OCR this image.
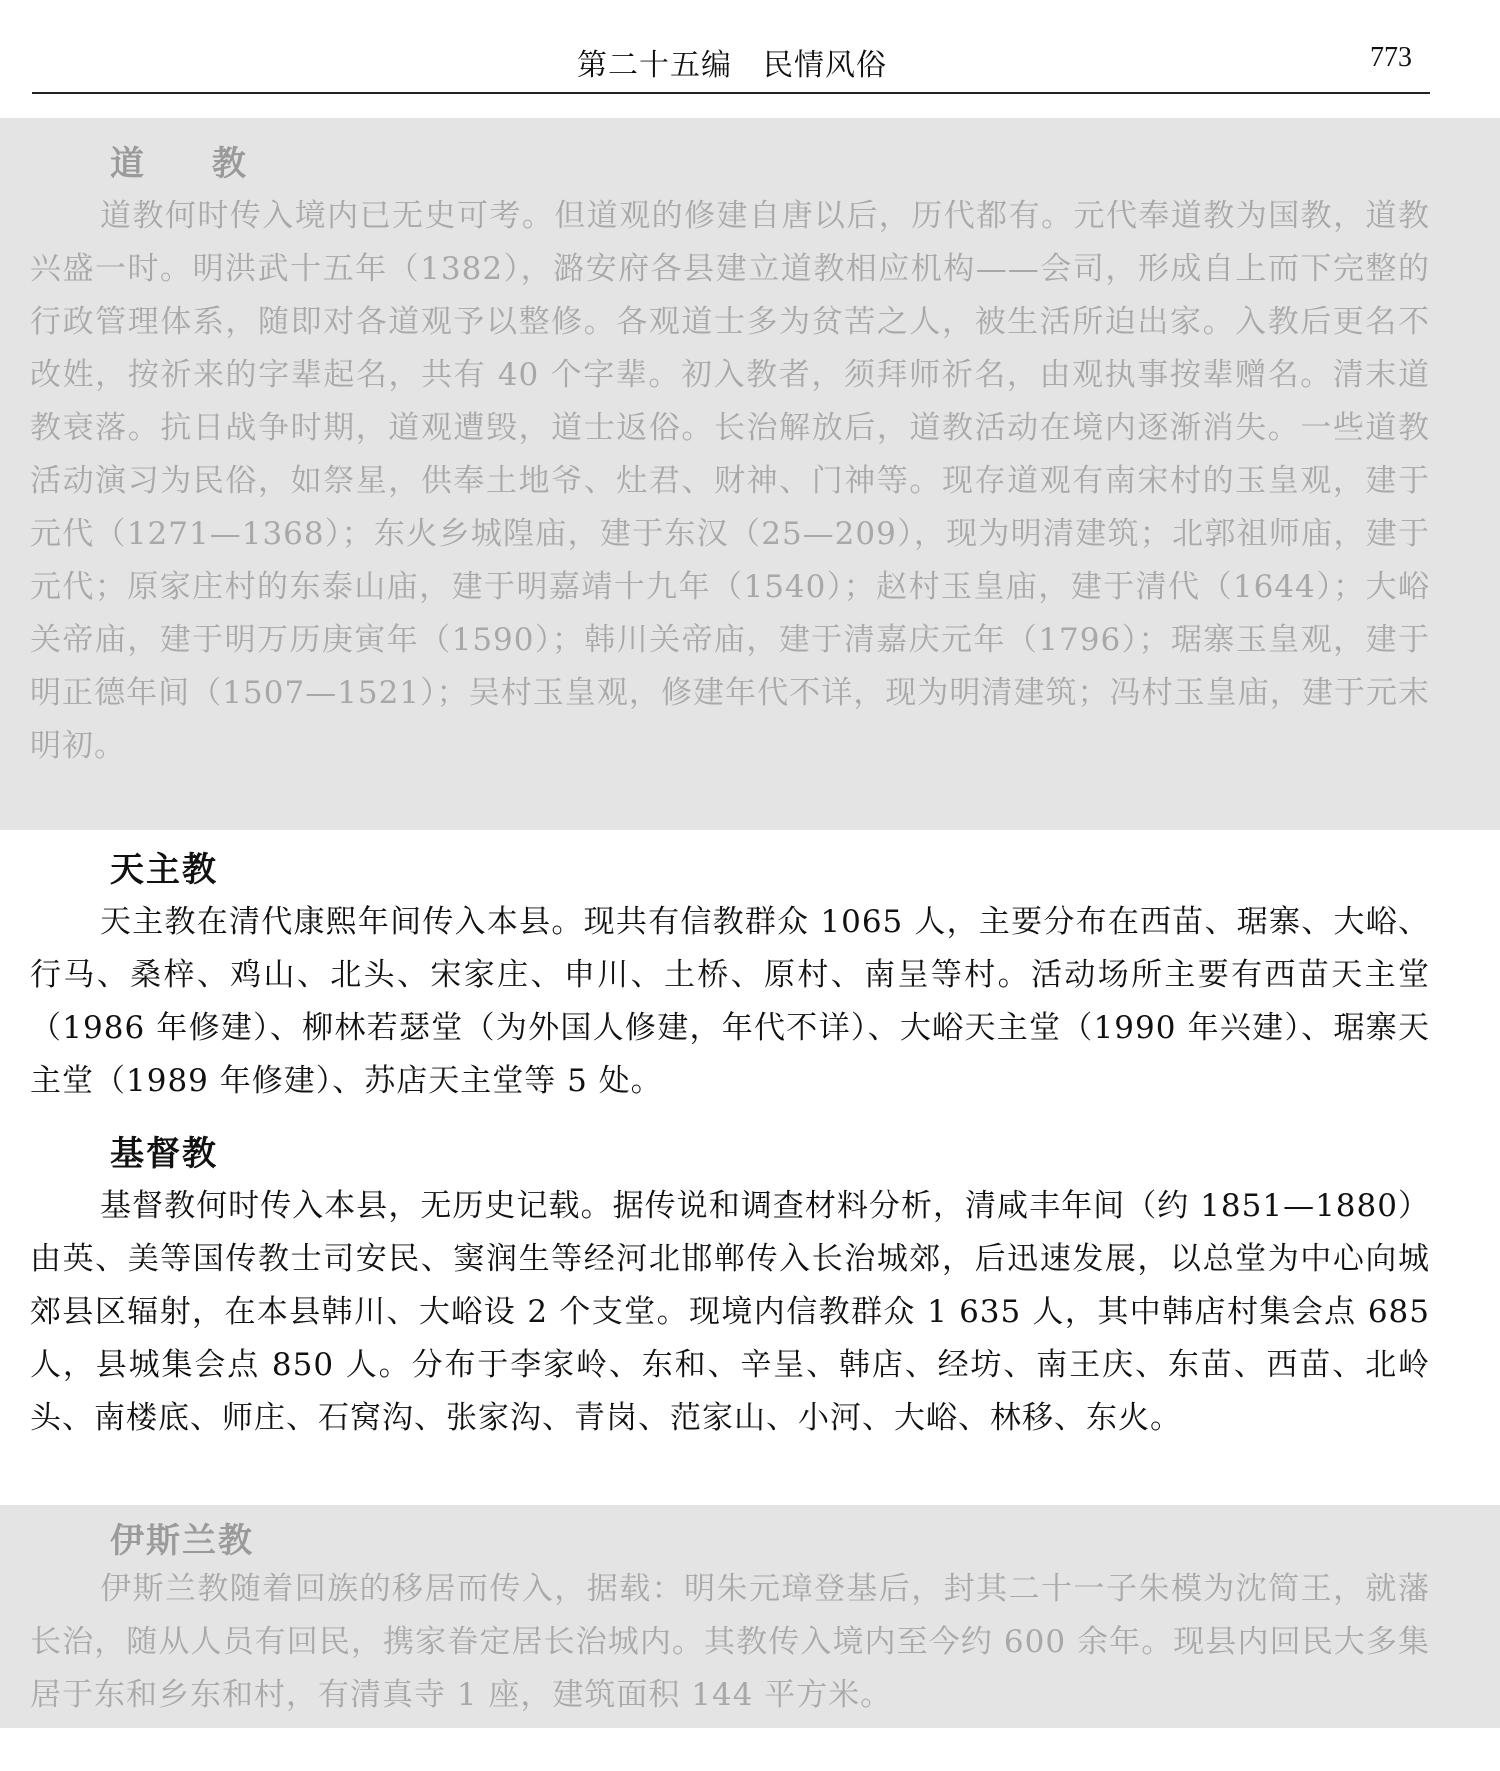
第二十五编　民情风俗	773
道 教

道教何时传入境内已无史可考。但道观的修建自唐以后，历代都有。元代奉道教为国教，道教兴盛一时。明洪武十五年（1382），潞安府各县建立道教相应机构——会司，形成自上而下完整的行政管理体系，随即对各道观予以整修。各观道士多为贫苦之人，被生活所迫出家。入教后更名不改姓，按祈来的字辈起名，共有 40 个字辈。初入教者，须拜师祈名，由观执事按辈赠名。清末道教衰落。抗日战争时期，道观遭毁，道士返俗。长治解放后，道教活动在境内逐渐消失。一些道教活动演习为民俗，如祭星，供奉土地爷、灶君、财神、门神等。现存道观有南宋村的玉皇观，建于元代（1271—1368）；东火乡城隍庙，建于东汉（25—209），现为明清建筑；北郭祖师庙，建于元代；原家庄村的东泰山庙，建于明嘉靖十九年（1540）；赵村玉皇庙，建于清代（1644）；大峪关帝庙，建于明万历庚寅年（1590）；韩川关帝庙，建于清嘉庆元年（1796）；琚寨玉皇观，建于明正德年间（1507—1521）；吴村玉皇观，修建年代不详，现为明清建筑；冯村玉皇庙，建于元末明初。

天主教

天主教在清代康熙年间传入本县。现共有信教群众 1065 人，主要分布在西苗、琚寨、大峪、行马、桑梓、鸡山、北头、宋家庄、申川、土桥、原村、南呈等村。活动场所主要有西苗天主堂（1986 年修建）、柳林若瑟堂（为外国人修建，年代不详）、大峪天主堂（1990 年兴建）、琚寨天主堂（1989 年修建）、苏店天主堂等 5 处。

基督教

基督教何时传入本县，无历史记载。据传说和调查材料分析，清咸丰年间（约 1851—1880）由英、美等国传教士司安民、窦润生等经河北邯郸传入长治城郊，后迅速发展，以总堂为中心向城郊县区辐射，在本县韩川、大峪设 2 个支堂。现境内信教群众 1 635 人，其中韩店村集会点 685 人，县城集会点 850 人。分布于李家岭、东和、辛呈、韩店、经坊、南王庆、东苗、西苗、北岭头、南楼底、师庄、石窝沟、张家沟、青岗、范家山、小河、大峪、林移、东火。

伊斯兰教

伊斯兰教随着回族的移居而传入，据载：明朱元璋登基后，封其二十一子朱模为沈简王，就藩长治，随从人员有回民，携家眷定居长治城内。其教传入境内至今约 600 余年。现县内回民大多集居于东和乡东和村，有清真寺 1 座，建筑面积 144 平方米。
